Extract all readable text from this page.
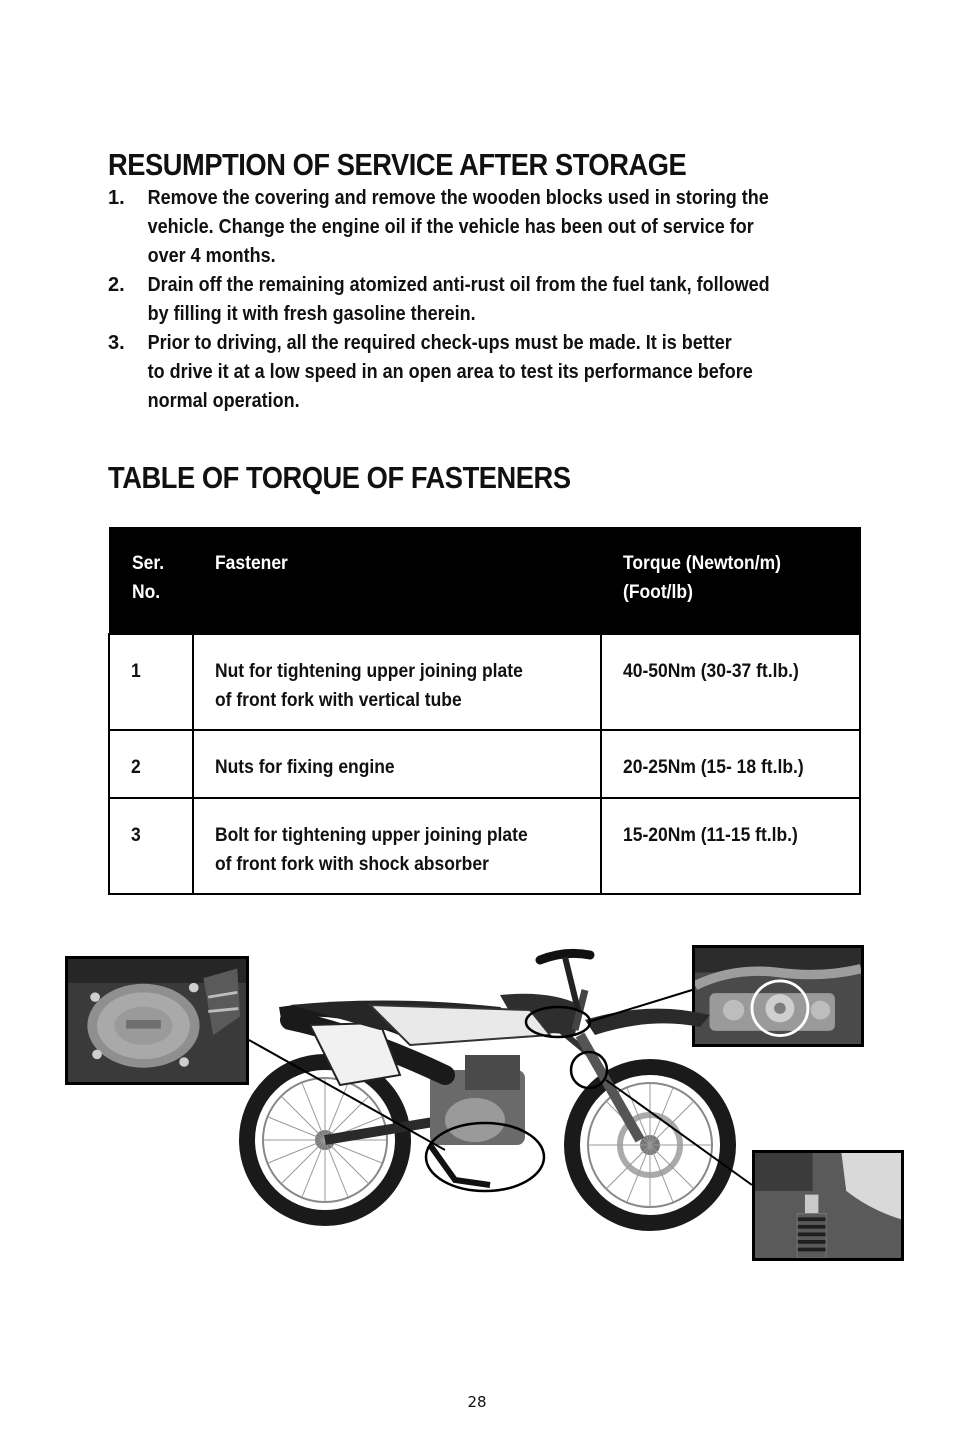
RESUMPTION OF SERVICE AFTER STORAGE
1.	Remove the covering and remove the wooden blocks used in storing the
vehicle. Change the engine oil if the vehicle has been out of service for
over 4 months.
2.	Drain off the remaining atomized anti-rust oil from the fuel tank, followed
by filling it with fresh gasoline therein.
3.	Prior to driving, all the required check-ups must be made. It is better
to drive it at a low speed in an open area to test its performance before
normal operation.
TABLE OF TORQUE OF FASTENERS
Ser.
No.	Fastener	Torque (Newton/m)
(Foot/lb)
1	Nut for tightening upper joining plate
of front fork with vertical tube	40-50Nm (30-37 ft.lb.)
2	Nuts for fixing engine	20-25Nm (15- 18 ft.lb.)
3	Bolt for tightening upper joining plate
of front fork with shock absorber	15-20Nm (11-15 ft.lb.)
28
